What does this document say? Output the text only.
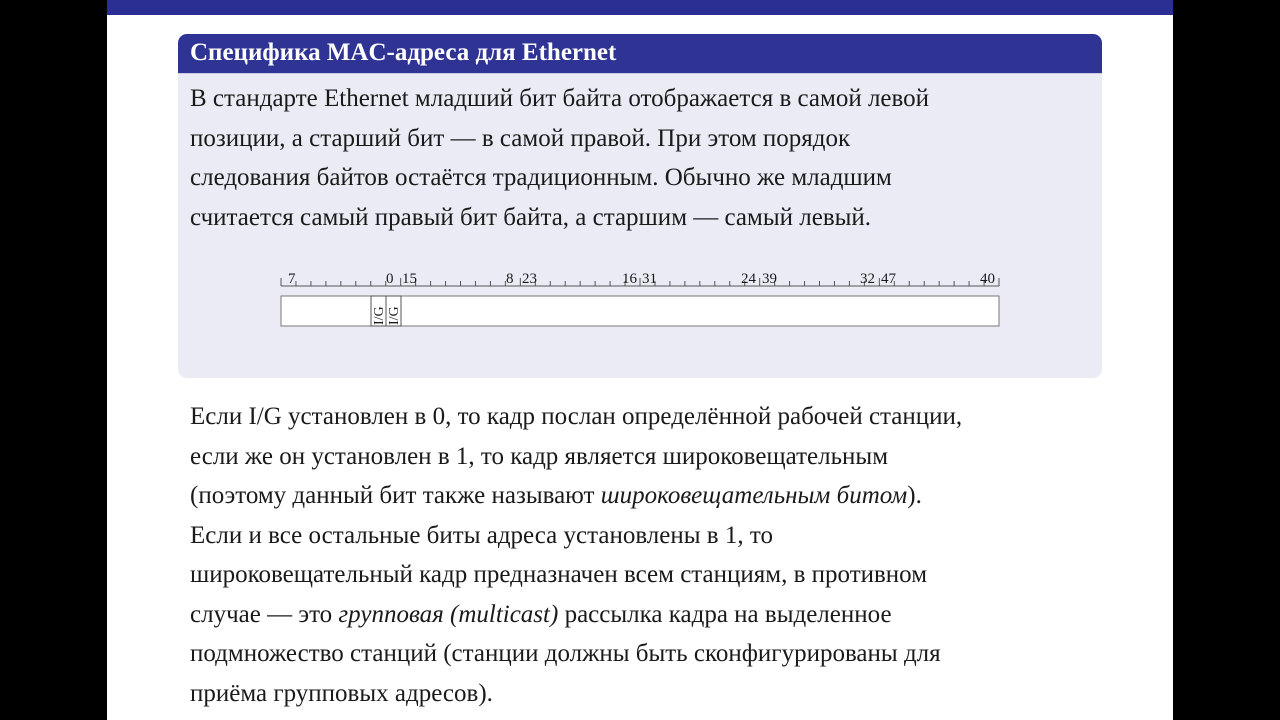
Специфика MAC-адреса для Ethernet
В стандарте Ethernet младший бит байта отображается в самой левой
позиции, а старший бит — в самой правой. При этом порядок
следования байтов остаётся традиционным. Обычно же младшим
считается самый правый бит байта, а старшим — самый левый.
I/G I/G
7	0 15	8 23	16 31	24 39	32 47	40
Если I/G установлен в 0, то кадр послан определённой рабочей станции,
если же он установлен в 1, то кадр является широковещательным
(поэтому данный бит также называют широковещательным битом).
Если и все остальные биты адреса установлены в 1, то
широковещательный кадр предназначен всем станциям, в противном
случае — это групповая (multicast) рассылка кадра на выделенное
подмножество станций (станции должны быть сконфигурированы для
приёма групповых адресов).
